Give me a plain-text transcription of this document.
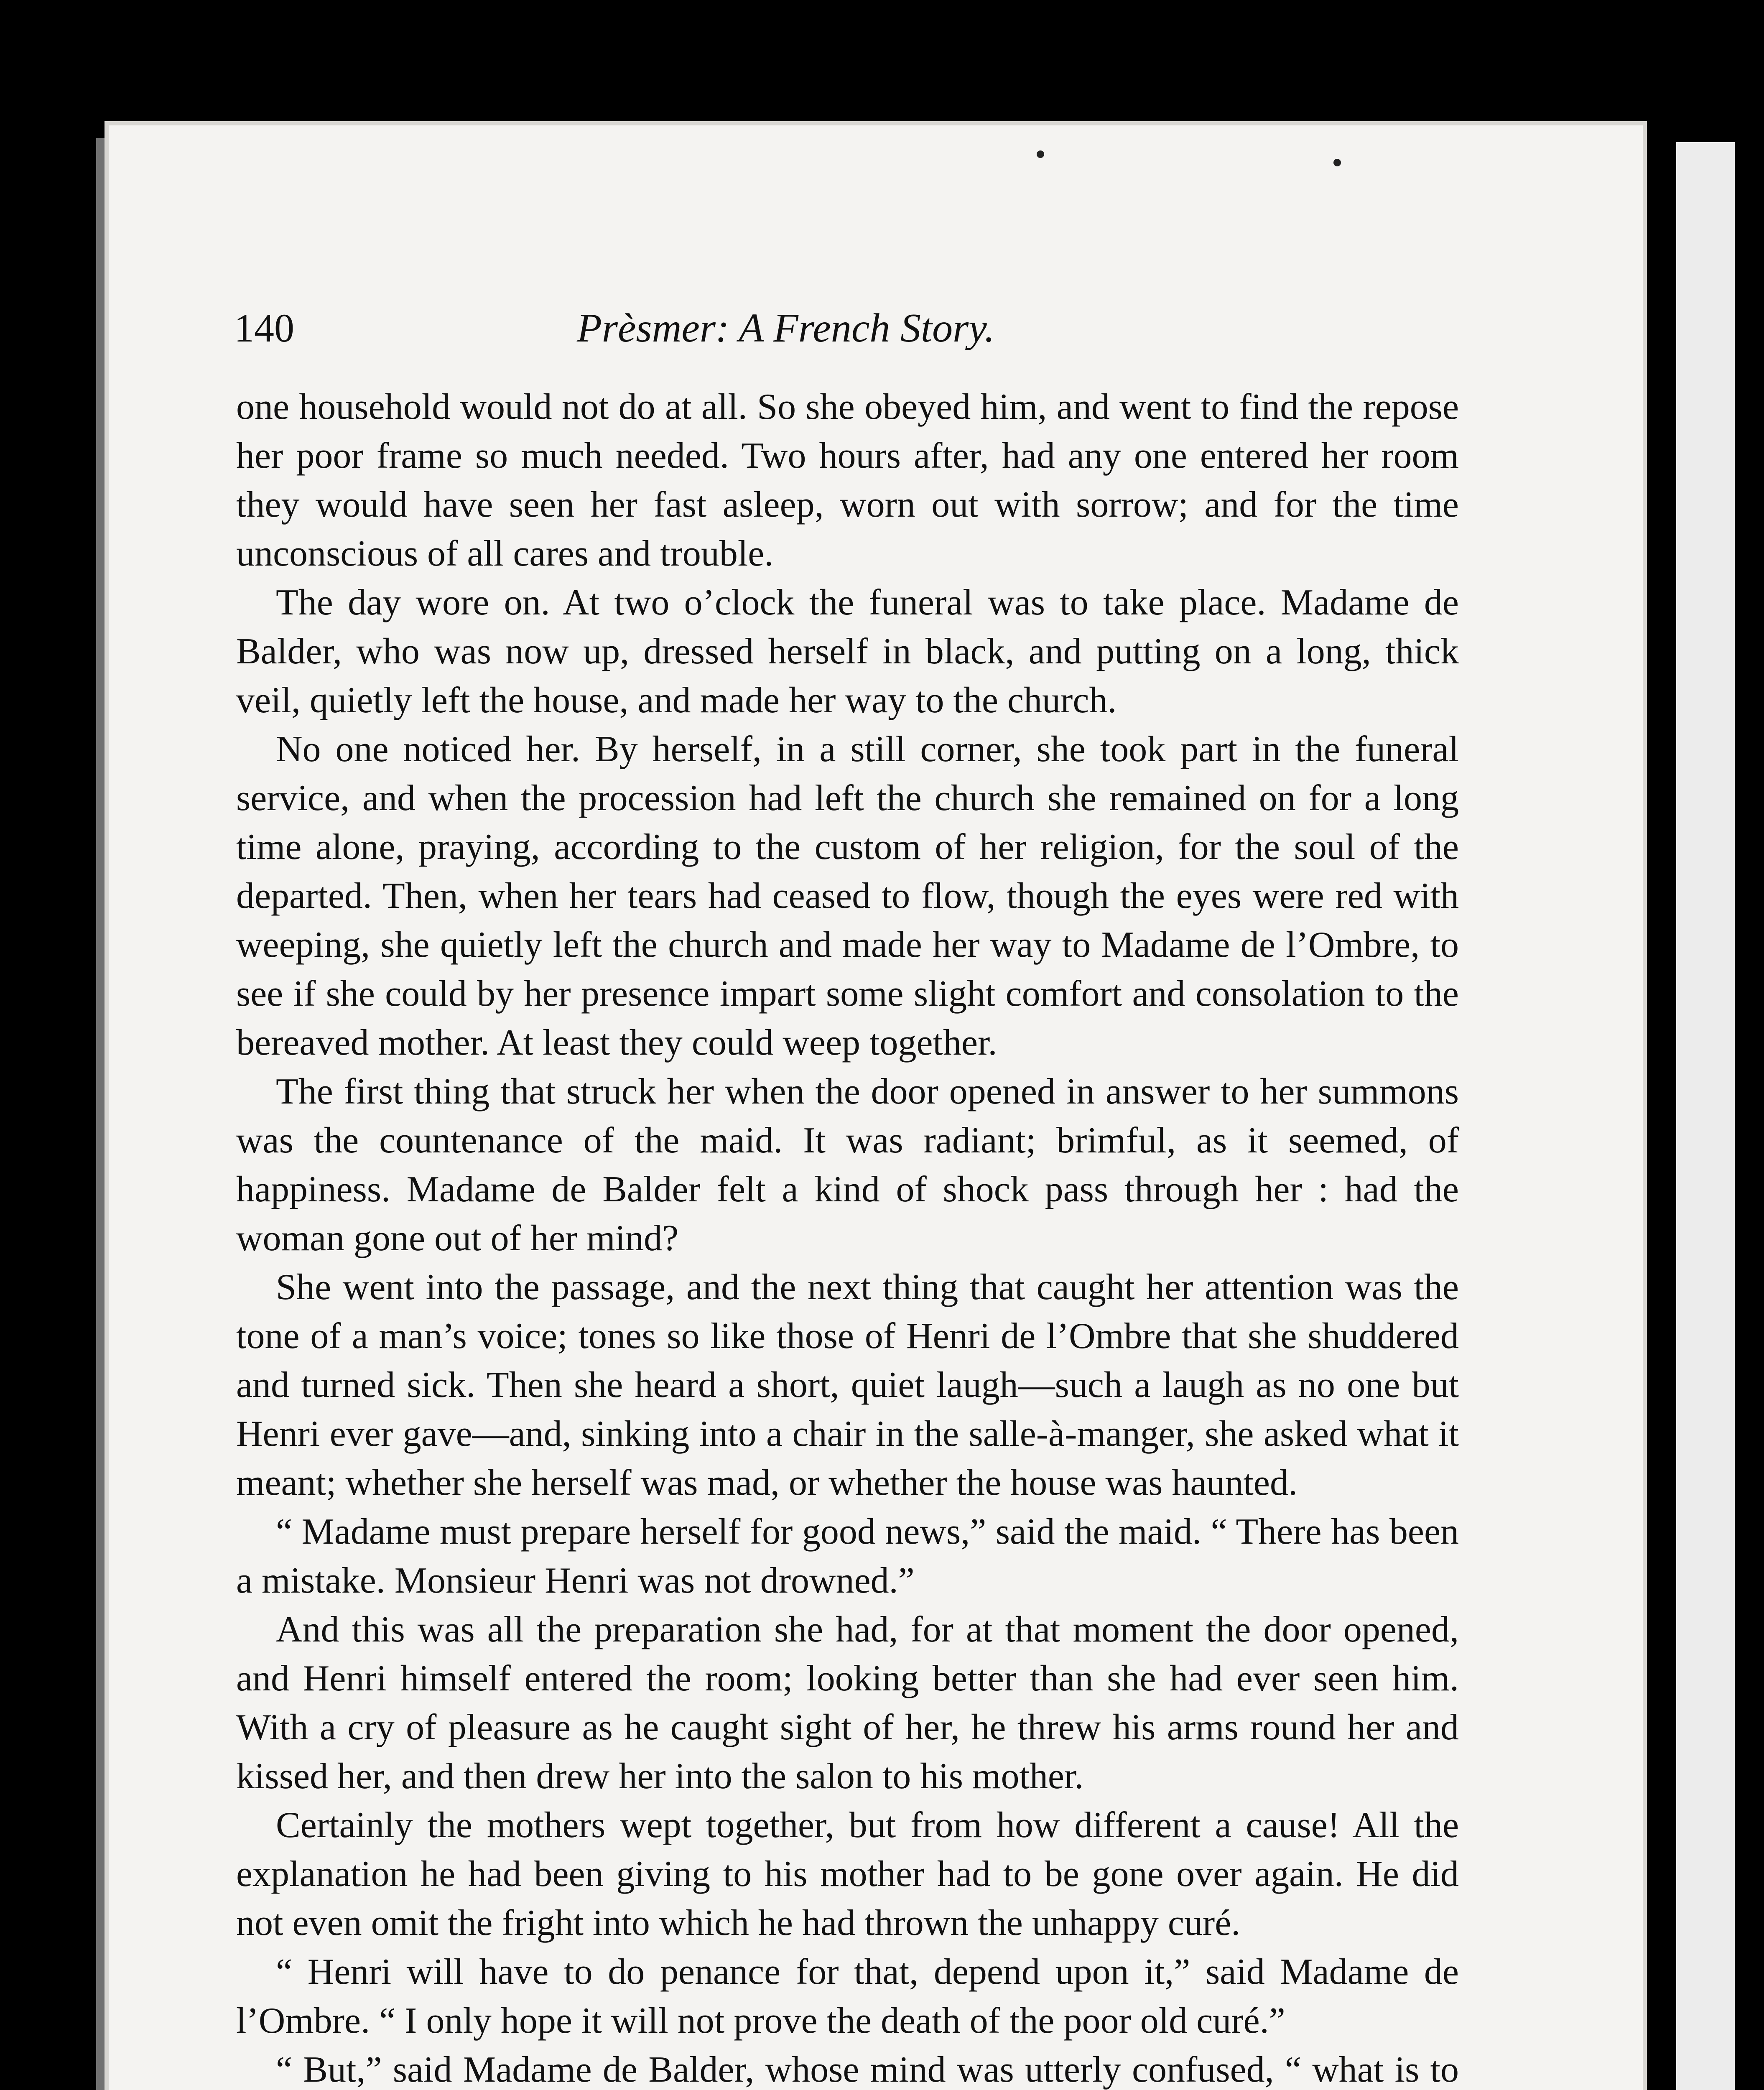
140	Prèsmer: A French Story.

one household would not do at all. So she obeyed him, and went to find the repose her poor frame so much needed. Two hours after, had any one entered her room they would have seen her fast asleep, worn out with sorrow; and for the time unconscious of all cares and trouble.

The day wore on. At two o’clock the funeral was to take place. Madame de Balder, who was now up, dressed herself in black, and putting on a long, thick veil, quietly left the house, and made her way to the church.

No one noticed her. By herself, in a still corner, she took part in the funeral service, and when the procession had left the church she remained on for a long time alone, praying, according to the custom of her religion, for the soul of the departed. Then, when her tears had ceased to flow, though the eyes were red with weeping, she quietly left the church and made her way to Madame de l’Ombre, to see if she could by her presence impart some slight comfort and consolation to the bereaved mother. At least they could weep together.

The first thing that struck her when the door opened in answer to her summons was the countenance of the maid. It was radiant; brimful, as it seemed, of happiness. Madame de Balder felt a kind of shock pass through her : had the woman gone out of her mind?

She went into the passage, and the next thing that caught her attention was the tone of a man’s voice; tones so like those of Henri de l’Ombre that she shuddered and turned sick. Then she heard a short, quiet laugh—such a laugh as no one but Henri ever gave—and, sinking into a chair in the salle-à-manger, she asked what it meant; whether she herself was mad, or whether the house was haunted.

“ Madame must prepare herself for good news,” said the maid. “ There has been a mistake. Monsieur Henri was not drowned.”

And this was all the preparation she had, for at that moment the door opened, and Henri himself entered the room; looking better than she had ever seen him. With a cry of pleasure as he caught sight of her, he threw his arms round her and kissed her, and then drew her into the salon to his mother.

Certainly the mothers wept together, but from how different a cause! All the explanation he had been giving to his mother had to be gone over again. He did not even omit the fright into which he had thrown the unhappy curé.

“ Henri will have to do penance for that, depend upon it,” said Madame de l’Ombre. “ I only hope it will not prove the death of the poor old curé.”

“ But,” said Madame de Balder, whose mind was utterly confused, “ what is to
